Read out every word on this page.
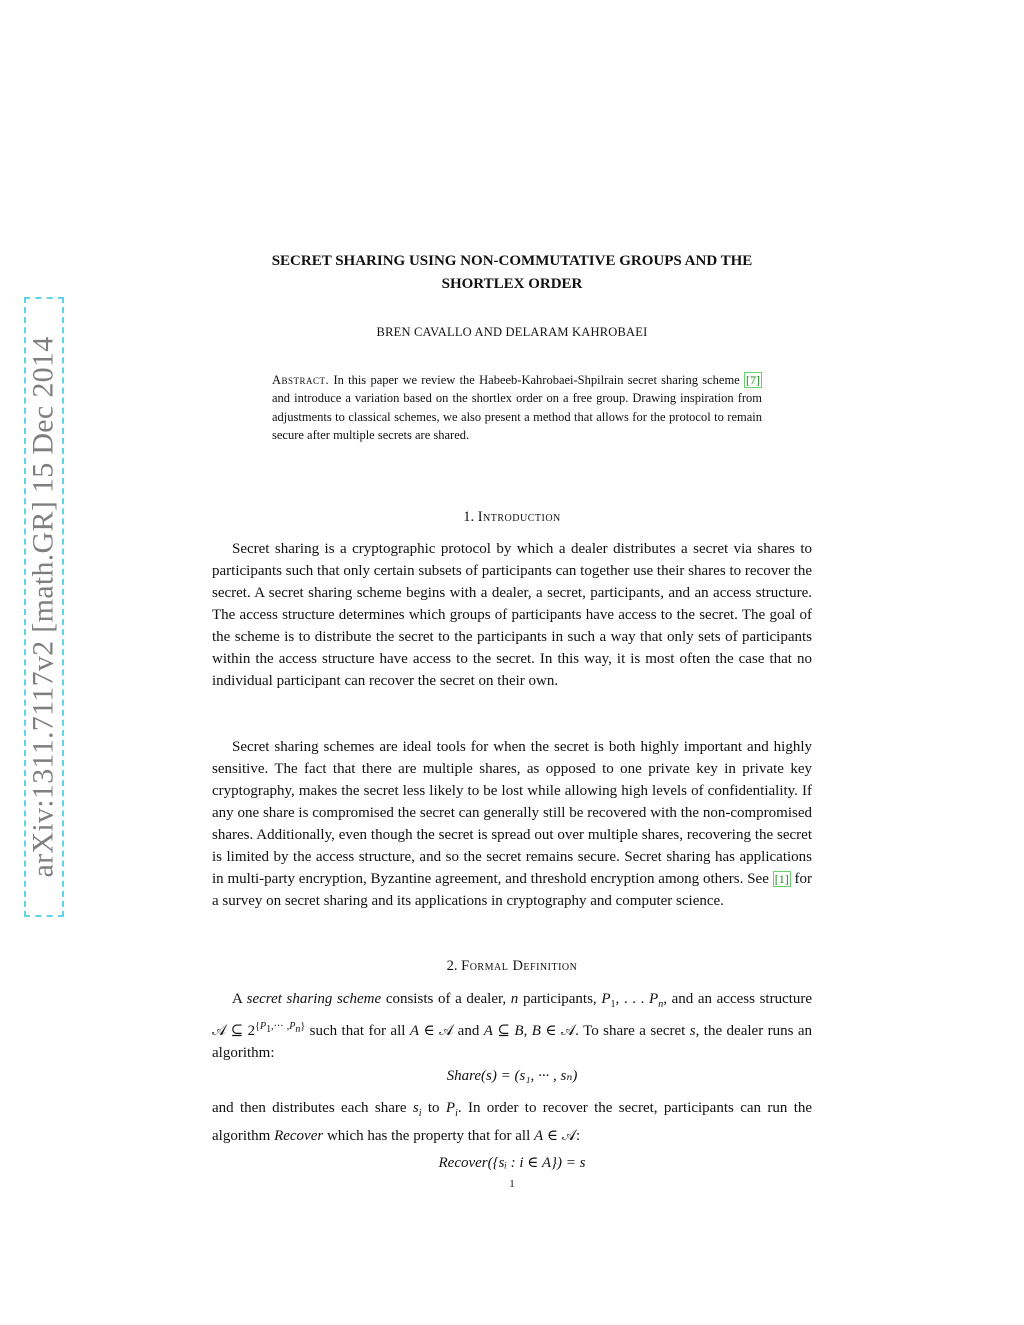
arXiv:1311.7117v2 [math.GR] 15 Dec 2014
SECRET SHARING USING NON-COMMUTATIVE GROUPS AND THE
SHORTLEX ORDER
BREN CAVALLO AND DELARAM KAHROBAEI
Abstract. In this paper we review the Habeeb-Kahrobaei-Shpilrain secret sharing scheme [7] and introduce a variation based on the shortlex order on a free group. Drawing inspiration from adjustments to classical schemes, we also present a method that allows for the protocol to remain secure after multiple secrets are shared.
1. Introduction
Secret sharing is a cryptographic protocol by which a dealer distributes a secret via shares to participants such that only certain subsets of participants can together use their shares to recover the secret. A secret sharing scheme begins with a dealer, a secret, participants, and an access structure. The access structure determines which groups of participants have access to the secret. The goal of the scheme is to distribute the secret to the participants in such a way that only sets of participants within the access structure have access to the secret. In this way, it is most often the case that no individual participant can recover the secret on their own.
Secret sharing schemes are ideal tools for when the secret is both highly important and highly sensitive. The fact that there are multiple shares, as opposed to one private key in private key cryptography, makes the secret less likely to be lost while allowing high levels of confidentiality. If any one share is compromised the secret can generally still be recovered with the non-compromised shares. Additionally, even though the secret is spread out over multiple shares, recovering the secret is limited by the access structure, and so the secret remains secure. Secret sharing has applications in multi-party encryption, Byzantine agreement, and threshold encryption among others. See [1] for a survey on secret sharing and its applications in cryptography and computer science.
2. Formal Definition
A secret sharing scheme consists of a dealer, n participants, $P_1$, . . . $P_n$, and an access structure 𝒜 ⊆ $2^{\{P_1,\cdot\cdot\cdot ,P_n\}}$ such that for all A ∈ 𝒜 and A ⊆ B, B ∈ 𝒜. To share a secret s, the dealer runs an algorithm:
Share(s) = (s₁, ··· , sₙ)
and then distributes each share $s_i$ to $P_i$. In order to recover the secret, participants can run the algorithm Recover which has the property that for all A ∈ 𝒜:
Recover({sᵢ : i ∈ A}) = s
1
